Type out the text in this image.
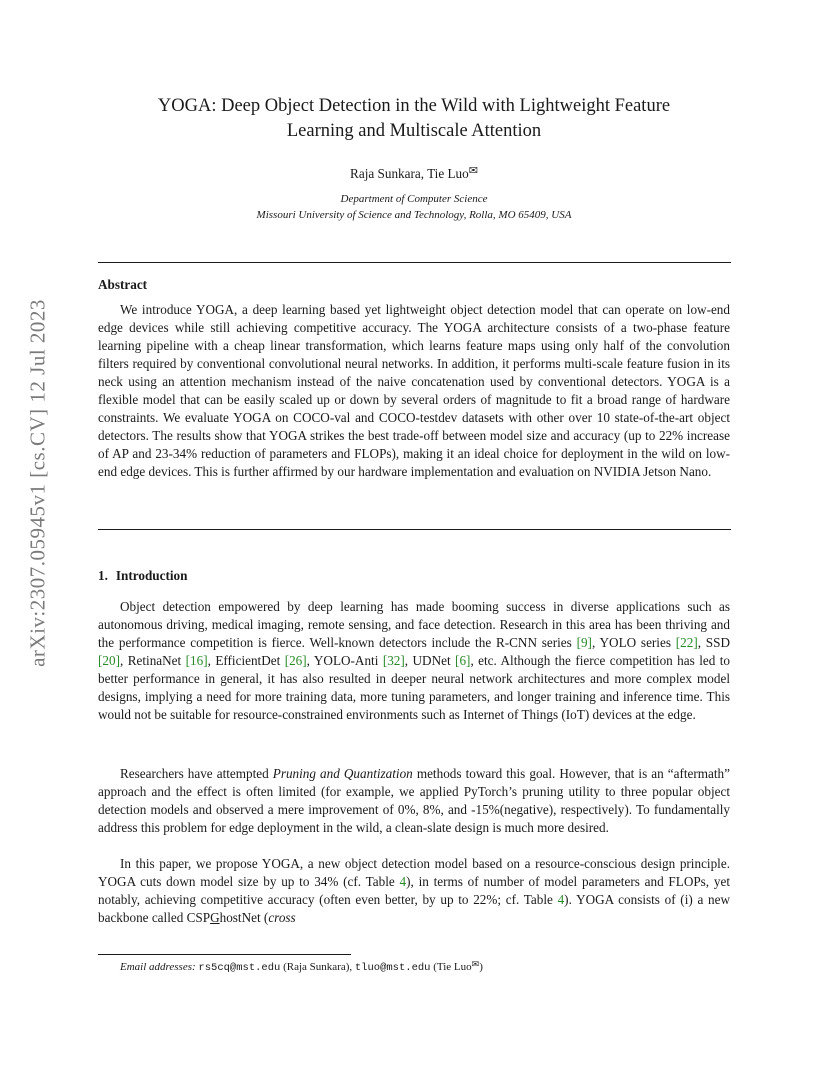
arXiv:2307.05945v1 [cs.CV] 12 Jul 2023
YOGA: Deep Object Detection in the Wild with Lightweight Feature
Learning and Multiscale Attention
Raja Sunkara, Tie Luo✉
Department of Computer Science
Missouri University of Science and Technology, Rolla, MO 65409, USA
Abstract

We introduce YOGA, a deep learning based yet lightweight object detection model that can operate on low-end edge devices while still achieving competitive accuracy. The YOGA architecture consists of a two-phase feature learning pipeline with a cheap linear transformation, which learns feature maps using only half of the convolution filters required by conventional convolutional neural networks. In addition, it performs multi-scale feature fusion in its neck using an attention mechanism instead of the naive concatenation used by conventional detectors. YOGA is a flexible model that can be easily scaled up or down by several orders of magnitude to fit a broad range of hardware constraints. We evaluate YOGA on COCO-val and COCO-testdev datasets with other over 10 state-of-the-art object detectors. The results show that YOGA strikes the best trade-off between model size and accuracy (up to 22% increase of AP and 23-34% reduction of parameters and FLOPs), making it an ideal choice for deployment in the wild on low-end edge devices. This is further affirmed by our hardware implementation and evaluation on NVIDIA Jetson Nano.

1. Introduction

Object detection empowered by deep learning has made booming success in diverse applications such as autonomous driving, medical imaging, remote sensing, and face detection. Research in this area has been thriving and the performance competition is fierce. Well-known detectors include the R-CNN series [9], YOLO series [22], SSD [20], RetinaNet [16], EfficientDet [26], YOLO-Anti [32], UDNet [6], etc. Although the fierce competition has led to better performance in general, it has also resulted in deeper neural network architectures and more complex model designs, implying a need for more training data, more tuning parameters, and longer training and inference time. This would not be suitable for resource-constrained environments such as Internet of Things (IoT) devices at the edge.

Researchers have attempted Pruning and Quantization methods toward this goal. However, that is an “aftermath” approach and the effect is often limited (for example, we applied PyTorch’s pruning utility to three popular object detection models and observed a mere improvement of 0%, 8%, and -15%(negative), respectively). To fundamentally address this problem for edge deployment in the wild, a clean-slate design is much more desired.

In this paper, we propose YOGA, a new object detection model based on a resource-conscious design principle. YOGA cuts down model size by up to 34% (cf. Table 4), in terms of number of model parameters and FLOPs, yet notably, achieving competitive accuracy (often even better, by up to 22%; cf. Table 4). YOGA consists of (i) a new backbone called CSPGhostNet (cross

Email addresses: rs5cq@mst.edu (Raja Sunkara), tluo@mst.edu (Tie Luo✉)
